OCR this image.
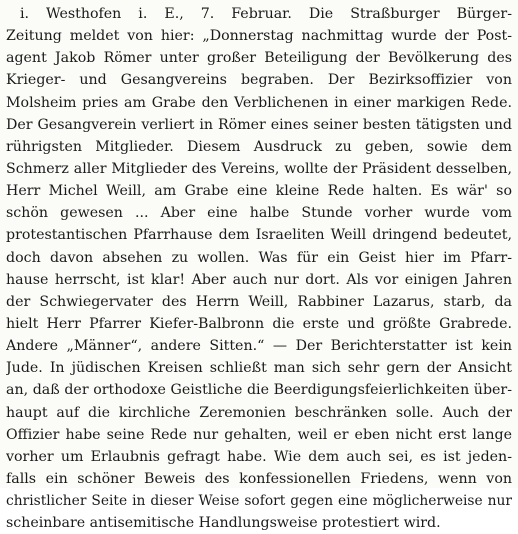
i. Westhofen i. E., 7. Februar. Die Straßburger Bürger-
Zeitung meldet von hier: „Donnerstag nachmittag wurde der Post-
agent Jakob Römer unter großer Beteiligung der Bevölkerung des
Krieger- und Gesangvereins begraben. Der Bezirksoffizier von
Molsheim pries am Grabe den Verblichenen in einer markigen Rede.
Der Gesangverein verliert in Römer eines seiner besten tätigsten und
rührigsten Mitglieder. Diesem Ausdruck zu geben, sowie dem
Schmerz aller Mitglieder des Vereins, wollte der Präsident desselben,
Herr Michel Weill, am Grabe eine kleine Rede halten. Es wär' so
schön gewesen ... Aber eine halbe Stunde vorher wurde vom
protestantischen Pfarrhause dem Israeliten Weill dringend bedeutet,
doch davon absehen zu wollen. Was für ein Geist hier im Pfarr-
hause herrscht, ist klar! Aber auch nur dort. Als vor einigen Jahren
der Schwiegervater des Herrn Weill, Rabbiner Lazarus, starb, da
hielt Herr Pfarrer Kiefer-Balbronn die erste und größte Grabrede.
Andere „Männer“, andere Sitten.“ — Der Berichterstatter ist kein
Jude. In jüdischen Kreisen schließt man sich sehr gern der Ansicht
an, daß der orthodoxe Geistliche die Beerdigungsfeierlichkeiten über-
haupt auf die kirchliche Zeremonien beschränken solle. Auch der
Offizier habe seine Rede nur gehalten, weil er eben nicht erst lange
vorher um Erlaubnis gefragt habe. Wie dem auch sei, es ist jeden-
falls ein schöner Beweis des konfessionellen Friedens, wenn von
christlicher Seite in dieser Weise sofort gegen eine möglicherweise nur
scheinbare antisemitische Handlungsweise protestiert wird.
